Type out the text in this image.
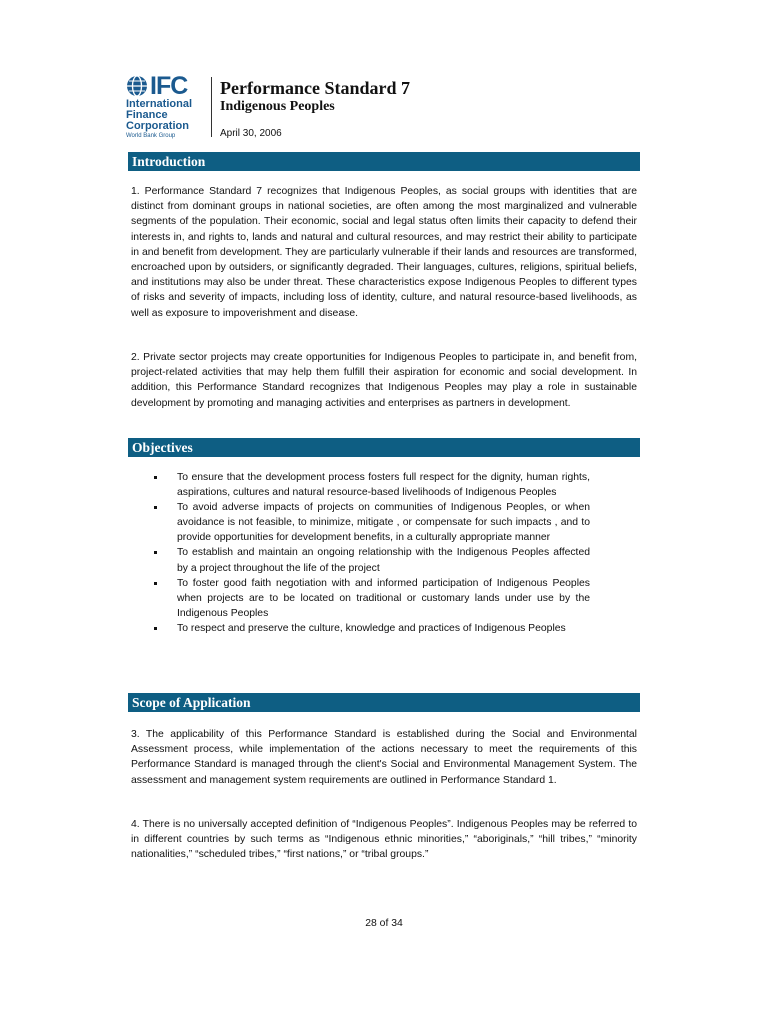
IFC
International
Finance
Corporation
World Bank Group
Performance Standard 7
Indigenous Peoples
April 30, 2006
Introduction

1. Performance Standard 7 recognizes that Indigenous Peoples, as social groups with identities that are distinct from dominant groups in national societies, are often among the most marginalized and vulnerable segments of the population. Their economic, social and legal status often limits their capacity to defend their interests in, and rights to, lands and natural and cultural resources, and may restrict their ability to participate in and benefit from development. They are particularly vulnerable if their lands and resources are transformed, encroached upon by outsiders, or significantly degraded. Their languages, cultures, religions, spiritual beliefs, and institutions may also be under threat. These characteristics expose Indigenous Peoples to different types of risks and severity of impacts, including loss of identity, culture, and natural resource-based livelihoods, as well as exposure to impoverishment and disease.

2. Private sector projects may create opportunities for Indigenous Peoples to participate in, and benefit from, project-related activities that may help them fulfill their aspiration for economic and social development. In addition, this Performance Standard recognizes that Indigenous Peoples may play a role in sustainable development by promoting and managing activities and enterprises as partners in development.

Objectives
To ensure that the development process fosters full respect for the dignity, human rights, aspirations, cultures and natural resource-based livelihoods of Indigenous Peoples
To avoid adverse impacts of projects on communities of Indigenous Peoples, or when avoidance is not feasible, to minimize, mitigate , or compensate for such impacts , and to provide opportunities for development benefits, in a culturally appropriate manner
To establish and maintain an ongoing relationship with the Indigenous Peoples affected by a project throughout the life of the project
To foster good faith negotiation with and informed participation of Indigenous Peoples when projects are to be located on traditional or customary lands under use by the Indigenous Peoples
To respect and preserve the culture, knowledge and practices of Indigenous Peoples
Scope of Application

3. The applicability of this Performance Standard is established during the Social and Environmental Assessment process, while implementation of the actions necessary to meet the requirements of this Performance Standard is managed through the client's Social and Environmental Management System. The assessment and management system requirements are outlined in Performance Standard 1.

4. There is no universally accepted definition of “Indigenous Peoples”. Indigenous Peoples may be referred to in different countries by such terms as “Indigenous ethnic minorities,” “aboriginals,” “hill tribes,” “minority nationalities,” “scheduled tribes,” “first nations,” or “tribal groups.”

28 of 34
